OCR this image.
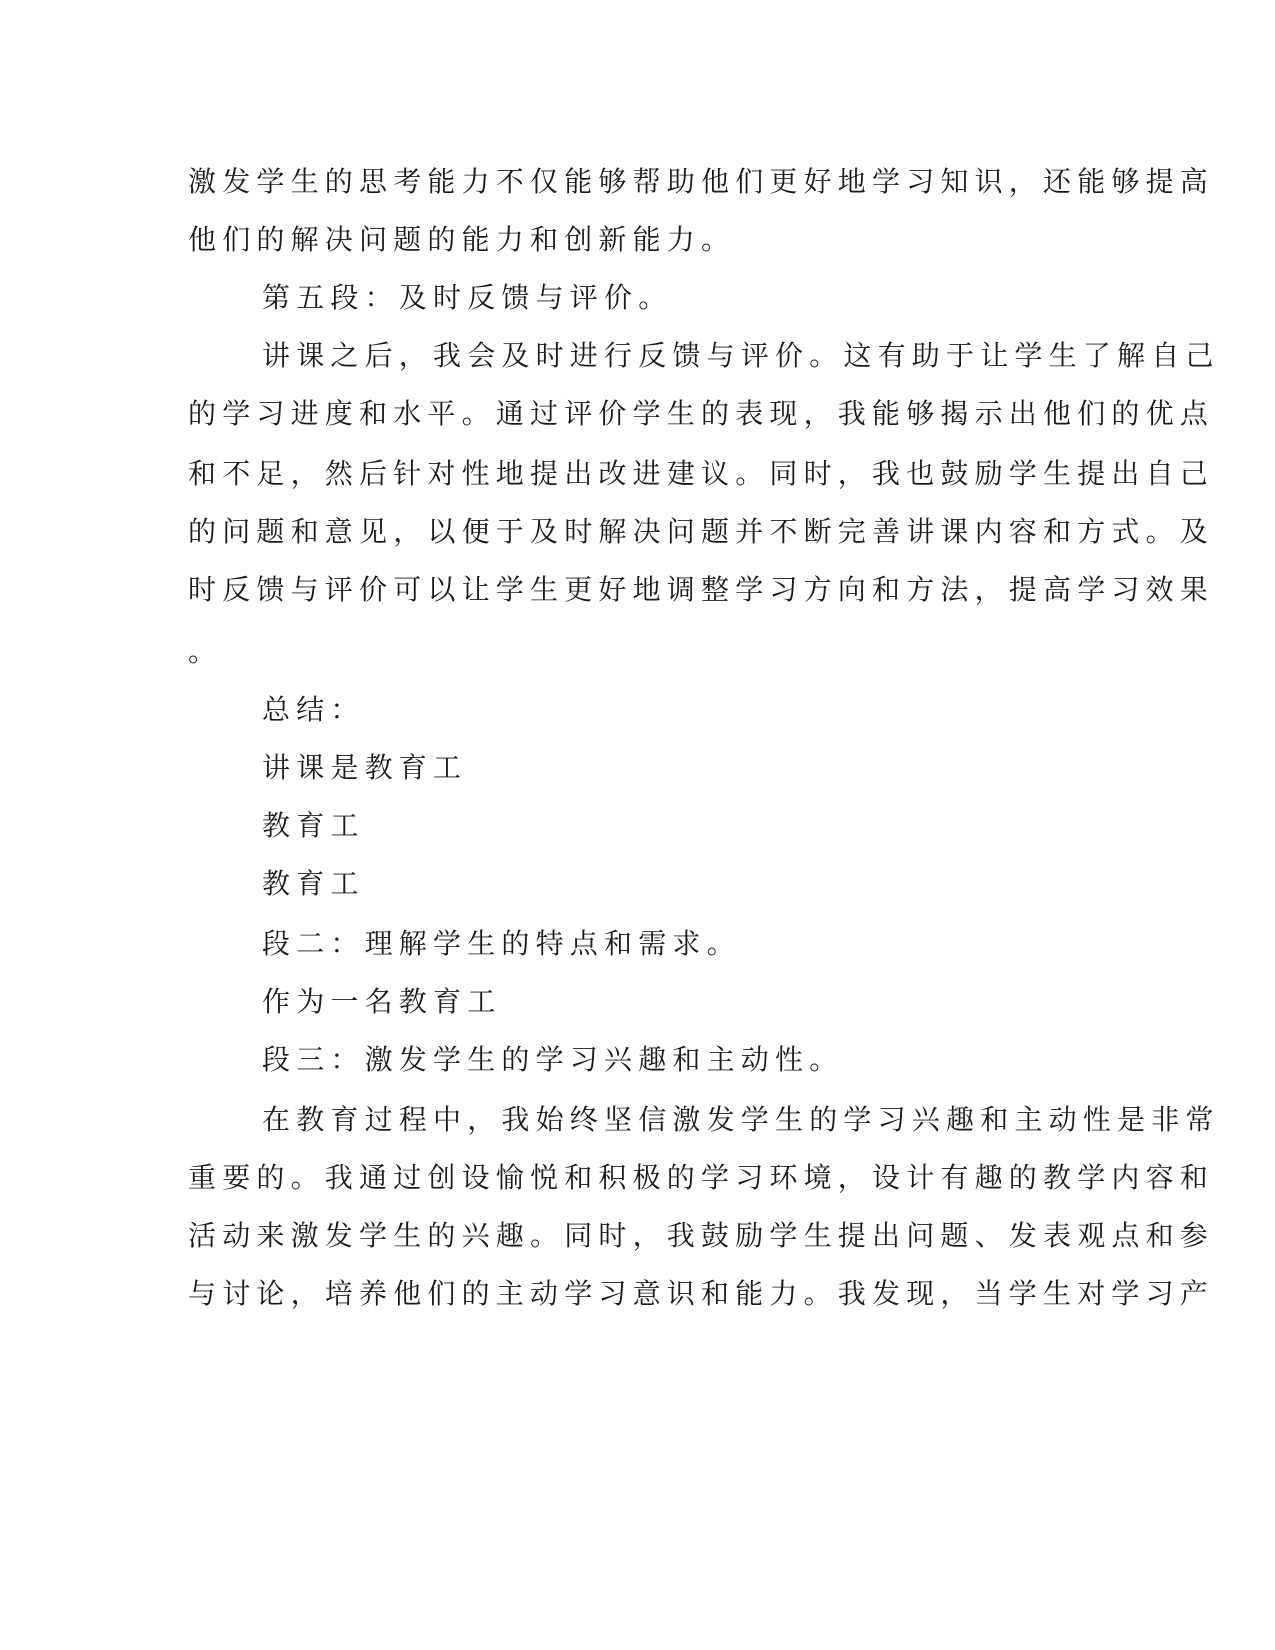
激发学生的思考能力不仅能够帮助他们更好地学习知识，还能够提高
他们的解决问题的能力和创新能力。
第五段：及时反馈与评价。
讲课之后，我会及时进行反馈与评价。这有助于让学生了解自己
的学习进度和水平。通过评价学生的表现，我能够揭示出他们的优点
和不足，然后针对性地提出改进建议。同时，我也鼓励学生提出自己
的问题和意见，以便于及时解决问题并不断完善讲课内容和方式。及
时反馈与评价可以让学生更好地调整学习方向和方法，提高学习效果
。
总结：
讲课是教育工
教育工
教育工
段二：理解学生的特点和需求。
作为一名教育工
段三：激发学生的学习兴趣和主动性。
在教育过程中，我始终坚信激发学生的学习兴趣和主动性是非常
重要的。我通过创设愉悦和积极的学习环境，设计有趣的教学内容和
活动来激发学生的兴趣。同时，我鼓励学生提出问题、发表观点和参
与讨论，培养他们的主动学习意识和能力。我发现，当学生对学习产
